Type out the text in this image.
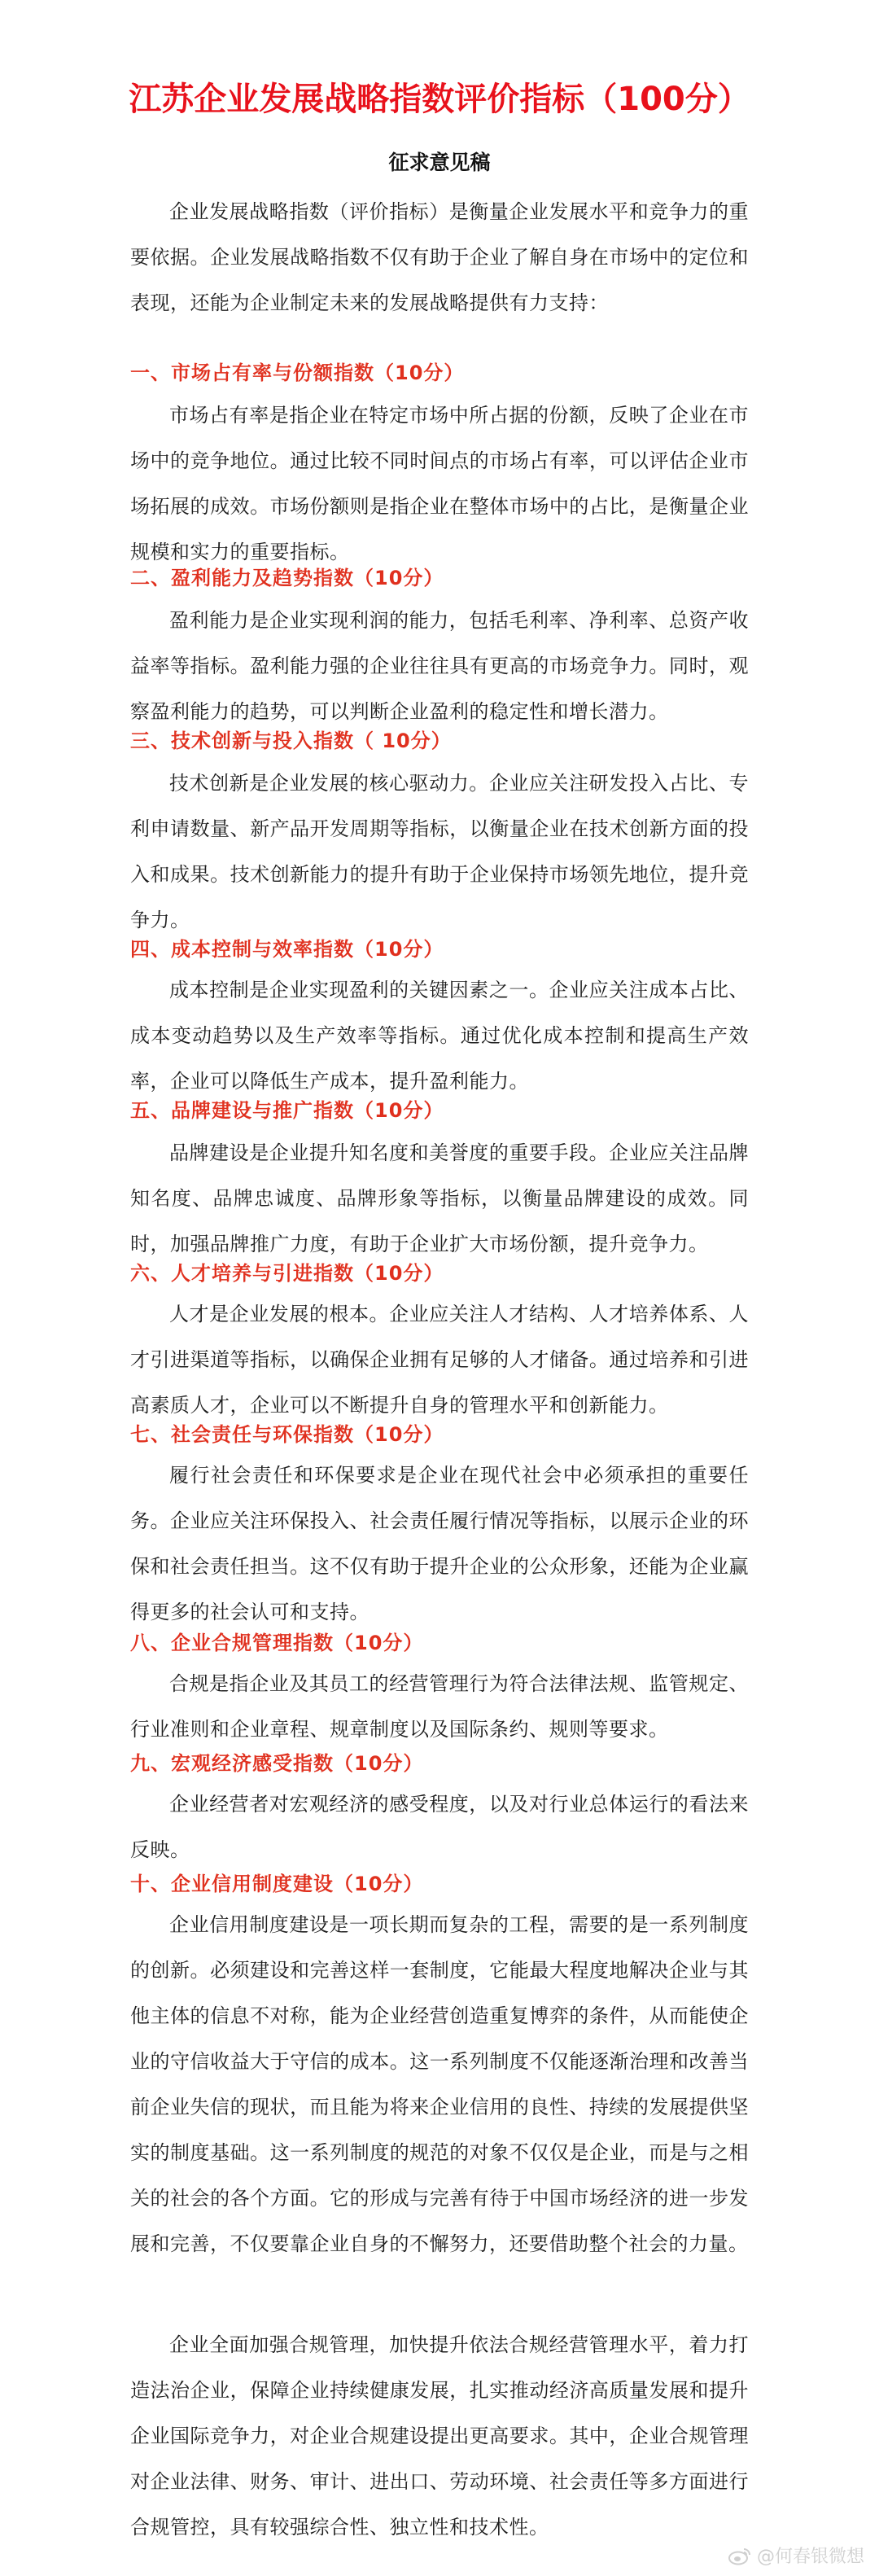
江苏企业发展战略指数评价指标（100分）
征求意见稿

企业发展战略指数（评价指标）是衡量企业发展水平和竞争力的重要依据。企业发展战略指数不仅有助于企业了解自身在市场中的定位和表现，还能为企业制定未来的发展战略提供有力支持：

一、市场占有率与份额指数（10分）

市场占有率是指企业在特定市场中所占据的份额，反映了企业在市场中的竞争地位。通过比较不同时间点的市场占有率，可以评估企业市场拓展的成效。市场份额则是指企业在整体市场中的占比，是衡量企业规模和实力的重要指标。

二、盈利能力及趋势指数（10分）

盈利能力是企业实现利润的能力，包括毛利率、净利率、总资产收益率等指标。盈利能力强的企业往往具有更高的市场竞争力。同时，观察盈利能力的趋势，可以判断企业盈利的稳定性和增长潜力。

三、技术创新与投入指数（ 10分）

技术创新是企业发展的核心驱动力。企业应关注研发投入占比、专利申请数量、新产品开发周期等指标，以衡量企业在技术创新方面的投入和成果。技术创新能力的提升有助于企业保持市场领先地位，提升竞争力。

四、成本控制与效率指数（10分）

成本控制是企业实现盈利的关键因素之一。企业应关注成本占比、成本变动趋势以及生产效率等指标。通过优化成本控制和提高生产效率，企业可以降低生产成本，提升盈利能力。

五、品牌建设与推广指数（10分）

品牌建设是企业提升知名度和美誉度的重要手段。企业应关注品牌知名度、品牌忠诚度、品牌形象等指标，以衡量品牌建设的成效。同时，加强品牌推广力度，有助于企业扩大市场份额，提升竞争力。

六、人才培养与引进指数（10分）

人才是企业发展的根本。企业应关注人才结构、人才培养体系、人才引进渠道等指标，以确保企业拥有足够的人才储备。通过培养和引进高素质人才，企业可以不断提升自身的管理水平和创新能力。

七、社会责任与环保指数（10分）

履行社会责任和环保要求是企业在现代社会中必须承担的重要任务。企业应关注环保投入、社会责任履行情况等指标，以展示企业的环保和社会责任担当。这不仅有助于提升企业的公众形象，还能为企业赢得更多的社会认可和支持。

八、企业合规管理指数（10分）

合规是指企业及其员工的经营管理行为符合法律法规、监管规定、行业准则和企业章程、规章制度以及国际条约、规则等要求。

九、宏观经济感受指数（10分）

企业经营者对宏观经济的感受程度，以及对行业总体运行的看法来反映。

十、企业信用制度建设（10分）

企业信用制度建设是一项长期而复杂的工程，需要的是一系列制度的创新。必须建设和完善这样一套制度，它能最大程度地解决企业与其他主体的信息不对称，能为企业经营创造重复博弈的条件，从而能使企业的守信收益大于守信的成本。这一系列制度不仅能逐渐治理和改善当前企业失信的现状，而且能为将来企业信用的良性、持续的发展提供坚实的制度基础。这一系列制度的规范的对象不仅仅是企业，而是与之相关的社会的各个方面。它的形成与完善有待于中国市场经济的进一步发展和完善，不仅要靠企业自身的不懈努力，还要借助整个社会的力量。

企业全面加强合规管理，加快提升依法合规经营管理水平，着力打造法治企业，保障企业持续健康发展，扎实推动经济高质量发展和提升企业国际竞争力，对企业合规建设提出更高要求。其中，企业合规管理对企业法律、财务、审计、进出口、劳动环境、社会责任等多方面进行合规管控，具有较强综合性、独立性和技术性。

@何春银微想
